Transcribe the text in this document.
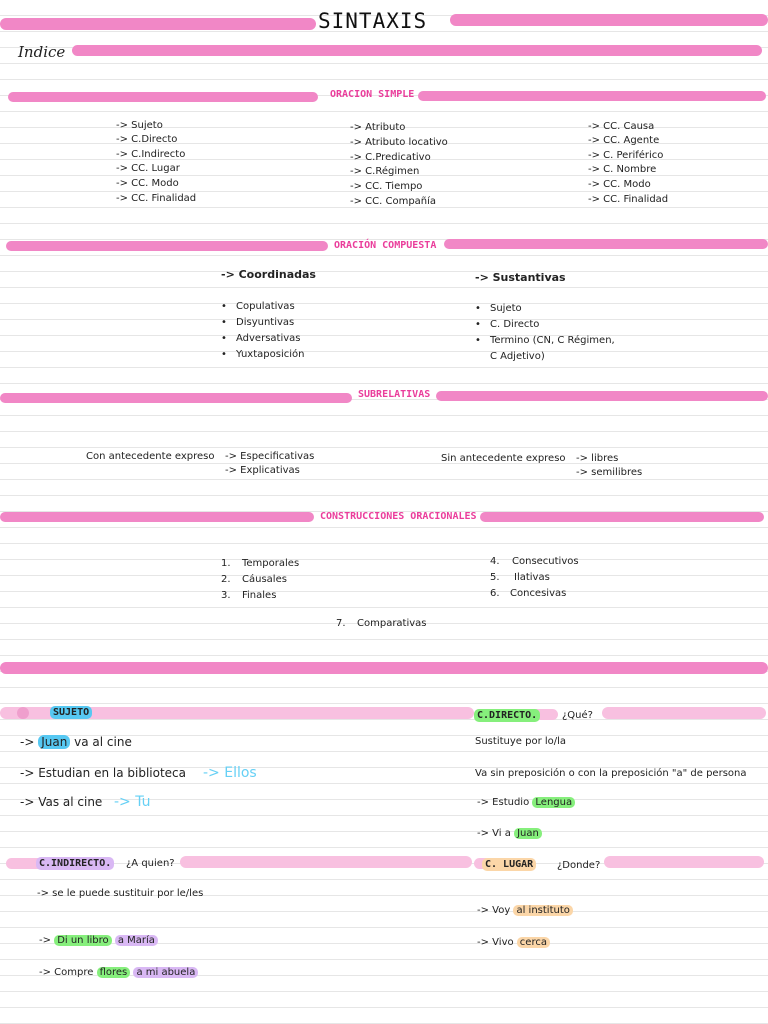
SINTAXIS
Indice
ORACION SIMPLE
-> Sujeto
-> C.Directo
-> C.Indirecto
-> CC. Lugar
-> CC. Modo
-> CC. Finalidad
-> Atributo
-> Atributo locativo
-> C.Predicativo
-> C.Régimen
-> CC. Tiempo
-> CC. Compañía
-> CC. Causa
-> CC. Agente
-> C. Periférico
-> C. Nombre
-> CC. Modo
-> CC. Finalidad
ORACIÓN COMPUESTA
-> Coordinadas
• Copulativas
• Disyuntivas
• Adversativas
• Yuxtaposición
-> Sustantivas
• Sujeto
• C. Directo
• Termino (CN, C Régimen,
C Adjetivo)
SUBRELATIVAS
Con antecedente expreso -> Especificativas
-> Explicativas
Sin antecedente expreso -> libres
-> semilibres
CONSTRUCCIONES ORACIONALES
1. Temporales
2. Cáusales
3. Finales
4. Consecutivos
5. Ilativas
6. Concesivas
7. Comparativas
SUJETO
-> Juan va al cine
-> Estudian en la biblioteca -> Ellos
-> Vas al cine -> Tu
C.DIRECTO.	¿Qué?
Sustituye por lo/la
Va sin preposición o con la preposición "a" de persona
-> Estudio Lengua
-> Vi a Juan
C.INDIRECTO.	¿A quien?
-> se le puede sustituir por le/les
-> Di un libro a María
-> Compre flores a mi abuela
C. LUGAR	¿Donde?
-> Voy al instituto
-> Vivo cerca
